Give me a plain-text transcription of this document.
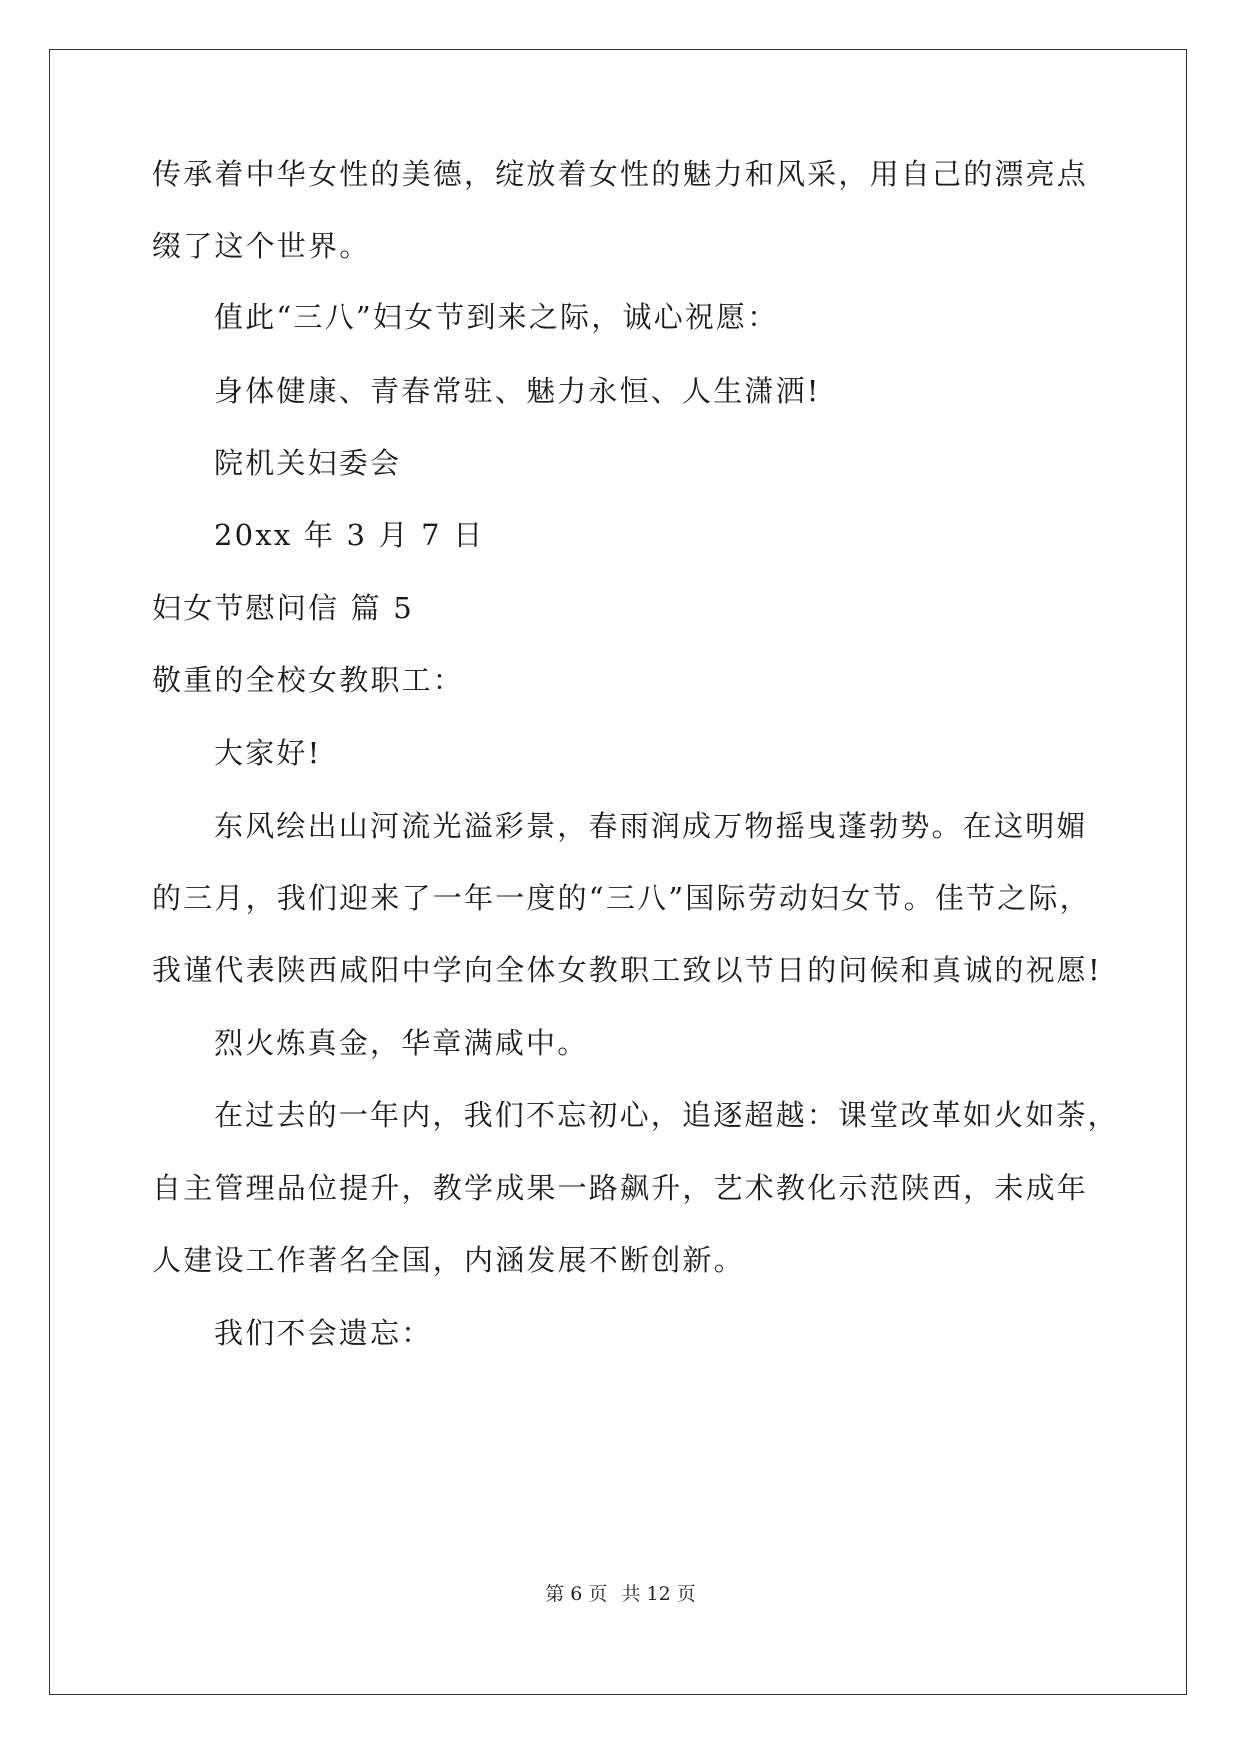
传承着中华女性的美德，绽放着女性的魅力和风采，用自己的漂亮点
缀了这个世界。
值此“三八”妇女节到来之际，诚心祝愿：
身体健康、青春常驻、魅力永恒、人生潇洒!
院机关妇委会
20xx 年 3 月 7 日
妇女节慰问信 篇 5
敬重的全校女教职工：
大家好!
东风绘出山河流光溢彩景，春雨润成万物摇曳蓬勃势。在这明媚
的三月，我们迎来了一年一度的“三八”国际劳动妇女节。佳节之际，
我谨代表陕西咸阳中学向全体女教职工致以节日的问候和真诚的祝愿!
烈火炼真金，华章满咸中。
在过去的一年内，我们不忘初心，追逐超越：课堂改革如火如荼，
自主管理品位提升，教学成果一路飙升，艺术教化示范陕西，未成年
人建设工作著名全国，内涵发展不断创新。
我们不会遗忘：
第 6 页 共 12 页
